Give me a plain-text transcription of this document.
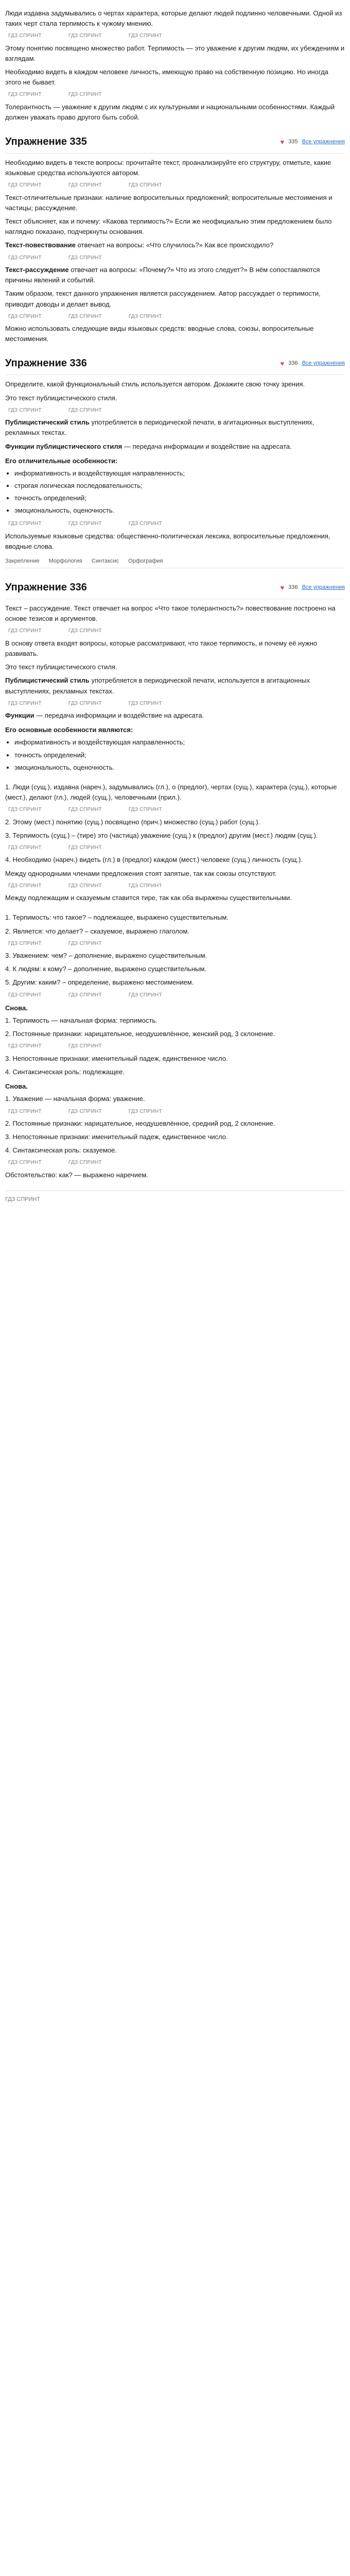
Люди издавна задумывались о чертах характера, которые делают людей подлинно человечными. Одной из таких черт стала терпимость к чужому мнению.

ГДЗ СПРИНТ	ГДЗ СПРИНТ	ГДЗ СПРИНТ

Этому понятию посвящено множество работ. Терпимость — это уважение к другим людям, их убеждениям и взглядам.

Необходимо видеть в каждом человеке личность, имеющую право на собственную позицию. Но иногда этого не бывает.

ГДЗ СПРИНТ	ГДЗ СПРИНТ

Толерантность — уважение к другим людям с их культурными и национальными особенностями. Каждый должен уважать право другого быть собой.

Упражнение 335	♥ 335 Все упражнения

Необходимо видеть в тексте вопросы: прочитайте текст, проанализируйте его структуру, отметьте, какие языковые средства используются автором.

ГДЗ СПРИНТ	ГДЗ СПРИНТ	ГДЗ СПРИНТ

Текст-отличительные признаки: наличие вопросительных предложений; вопросительные местоимения и частицы; рассуждение.

Текст объясняет, как и почему: «Какова терпимость?» Если же неофициально этим предложением было наглядно показано, подчеркнуты основания.

Текст-повествование отвечает на вопросы: «Что случилось?» Как все происходило?

ГДЗ СПРИНТ	ГДЗ СПРИНТ

Текст-рассуждение отвечает на вопросы: «Почему?» Что из этого следует?» В нём сопоставляются причины явлений и событий.

Таким образом, текст данного упражнения является рассуждением. Автор рассуждает о терпимости, приводит доводы и делает вывод.

ГДЗ СПРИНТ	ГДЗ СПРИНТ	ГДЗ СПРИНТ

Можно использовать следующие виды языковых средств: вводные слова, союзы, вопросительные местоимения.

Упражнение 336	♥ 336 Все упражнения

Определите, какой функциональный стиль используется автором. Докажите свою точку зрения.

Это текст публицистического стиля.

ГДЗ СПРИНТ	ГДЗ СПРИНТ

Публицистический стиль употребляется в периодической печати, в агитационных выступлениях, рекламных текстах.

Функции публицистического стиля — передача информации и воздействие на адресата.

Его отличительные особенности:

• информативность и воздействующая направленность;
• строгая логическая последовательность;
• точность определений;
• эмоциональность, оценочность.
ГДЗ СПРИНТ	ГДЗ СПРИНТ	ГДЗ СПРИНТ

Используемые языковые средства: общественно-политическая лексика, вопросительные предложения, вводные слова.

Закрепление Морфология Синтаксис Орфография
Упражнение 336	♥ 336 Все упражнения

Текст – рассуждение. Текст отвечает на вопрос «Что такое толерантность?» повествование построено на основе тезисов и аргументов.

ГДЗ СПРИНТ	ГДЗ СПРИНТ

В основу ответа входят вопросы, которые рассматривают, что такое терпимость, и почему её нужно развивать.

Это текст публицистического стиля.

Публицистический стиль употребляется в периодической печати, используется в агитационных выступлениях, рекламных текстах.

ГДЗ СПРИНТ	ГДЗ СПРИНТ	ГДЗ СПРИНТ

Функции — передача информации и воздействие на адресата.

Его основные особенности являются:

• информативность и воздействующая направленность;
• точность определений;
• эмоциональность, оценочность.

1. Люди (сущ.), издавна (нареч.), задумывались (гл.), о (предлог), чертах (сущ.), характера (сущ.), которые (мест.), делают (гл.), людей (сущ.), человечными (прил.).

ГДЗ СПРИНТ	ГДЗ СПРИНТ	ГДЗ СПРИНТ

2. Этому (мест.) понятию (сущ.) посвящено (прич.) множество (сущ.) работ (сущ.).

3. Терпимость (сущ.) – (тире) это (частица) уважение (сущ.) к (предлог) другим (мест.) людям (сущ.).

ГДЗ СПРИНТ	ГДЗ СПРИНТ

4. Необходимо (нареч.) видеть (гл.) в (предлог) каждом (мест.) человеке (сущ.) личность (сущ.).

Между однородными членами предложения стоят запятые, так как союзы отсутствуют.

ГДЗ СПРИНТ	ГДЗ СПРИНТ	ГДЗ СПРИНТ

Между подлежащим и сказуемым ставится тире, так как оба выражены существительными.

1. Терпимость: что такое? – подлежащее, выражено существительным.

2. Является: что делает? – сказуемое, выражено глаголом.

ГДЗ СПРИНТ	ГДЗ СПРИНТ

3. Уважением: чем? – дополнение, выражено существительным.

4. К людям: к кому? – дополнение, выражено существительным.

5. Другим: каким? – определение, выражено местоимением.

ГДЗ СПРИНТ	ГДЗ СПРИНТ	ГДЗ СПРИНТ

Снова.

1. Терпимость — начальная форма: терпимость.

2. Постоянные признаки: нарицательное, неодушевлённое, женский род, 3 склонение.

ГДЗ СПРИНТ	ГДЗ СПРИНТ

3. Непостоянные признаки: именительный падеж, единственное число.

4. Синтаксическая роль: подлежащее.

Снова.

1. Уважение — начальная форма: уважение.

ГДЗ СПРИНТ	ГДЗ СПРИНТ	ГДЗ СПРИНТ

2. Постоянные признаки: нарицательное, неодушевлённое, средний род, 2 склонение.

3. Непостоянные признаки: именительный падеж, единственное число.

4. Синтаксическая роль: сказуемое.

ГДЗ СПРИНТ	ГДЗ СПРИНТ

Обстоятельство: как? — выражено наречием.

ГДЗ СПРИНТ
